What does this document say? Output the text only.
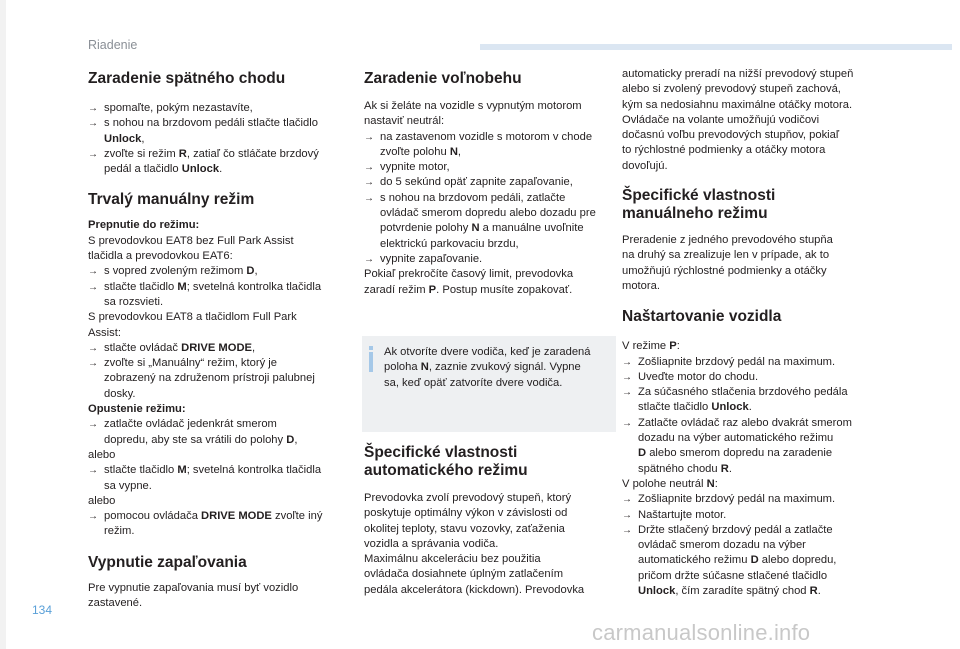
Riadenie
Zaradenie spätného chodu
→
spomaľte, pokým nezastavíte,
→
s nohou na brzdovom pedáli stlačte tlačidlo
Unlock,
→
zvoľte si režim R, zatiaľ čo stláčate brzdový
pedál a tlačidlo Unlock.
Trvalý manuálny režim
Prepnutie do režimu:
S prevodovkou EAT8 bez Full Park Assist
tlačidla a prevodovkou EAT6:
→
s vopred zvoleným režimom D,
→
stlačte tlačidlo M; svetelná kontrolka tlačidla
sa rozsvieti.
S prevodovkou EAT8 a tlačidlom Full Park
Assist:
→
stlačte ovládač DRIVE MODE,
→
zvoľte si „Manuálny“ režim, ktorý je
zobrazený na združenom prístroji palubnej
dosky.
Opustenie režimu:
→
zatlačte ovládač jedenkrát smerom
dopredu, aby ste sa vrátili do polohy D,
alebo
→
stlačte tlačidlo M; svetelná kontrolka tlačidla
sa vypne.
alebo
→
pomocou ovládača DRIVE MODE zvoľte iný
režim.
Vypnutie zapaľovania
Pre vypnutie zapaľovania musí byť vozidlo
zastavené.
Zaradenie voľnobehu
Ak si želáte na vozidle s vypnutým motorom
nastaviť neutrál:
→
na zastavenom vozidle s motorom v chode
zvoľte polohu N,
→
vypnite motor,
→
do 5 sekúnd opäť zapnite zapaľovanie,
→
s nohou na brzdovom pedáli, zatlačte
ovládač smerom dopredu alebo dozadu pre
potvrdenie polohy N a manuálne uvoľnite
elektrickú parkovaciu brzdu,
→
vypnite zapaľovanie.
Pokiaľ prekročíte časový limit, prevodovka
zaradí režim P. Postup musíte zopakovať.
Ak otvoríte dvere vodiča, keď je zaradená
poloha N, zaznie zvukový signál. Vypne
sa, keď opäť zatvoríte dvere vodiča.
Špecifické vlastnosti
automatického režimu
Prevodovka zvolí prevodový stupeň, ktorý
poskytuje optimálny výkon v závislosti od
okolitej teploty, stavu vozovky, zaťaženia
vozidla a správania vodiča.
Maximálnu akceleráciu bez použitia
ovládača dosiahnete úplným zatlačením
pedála akcelerátora (kickdown). Prevodovka
automaticky preradí na nižší prevodový stupeň
alebo si zvolený prevodový stupeň zachová,
kým sa nedosiahnu maximálne otáčky motora.
Ovládače na volante umožňujú vodičovi
dočasnú voľbu prevodových stupňov, pokiaľ
to rýchlostné podmienky a otáčky motora
dovoľujú.
Špecifické vlastnosti
manuálneho režimu
Preradenie z jedného prevodového stupňa
na druhý sa zrealizuje len v prípade, ak to
umožňujú rýchlostné podmienky a otáčky
motora.
Naštartovanie vozidla
V režime P:
→
Zošliapnite brzdový pedál na maximum.
→
Uveďte motor do chodu.
→
Za súčasného stlačenia brzdového pedála
stlačte tlačidlo Unlock.
→
Zatlačte ovládač raz alebo dvakrát smerom
dozadu na výber automatického režimu
D alebo smerom dopredu na zaradenie
spätného chodu R.
V polohe neutrál N:
→
Zošliapnite brzdový pedál na maximum.
→
Naštartujte motor.
→
Držte stlačený brzdový pedál a zatlačte
ovládač smerom dozadu na výber
automatického režimu D alebo dopredu,
pričom držte súčasne stlačené tlačidlo
Unlock, čím zaradíte spätný chod R.
134
carmanualsonline.info
